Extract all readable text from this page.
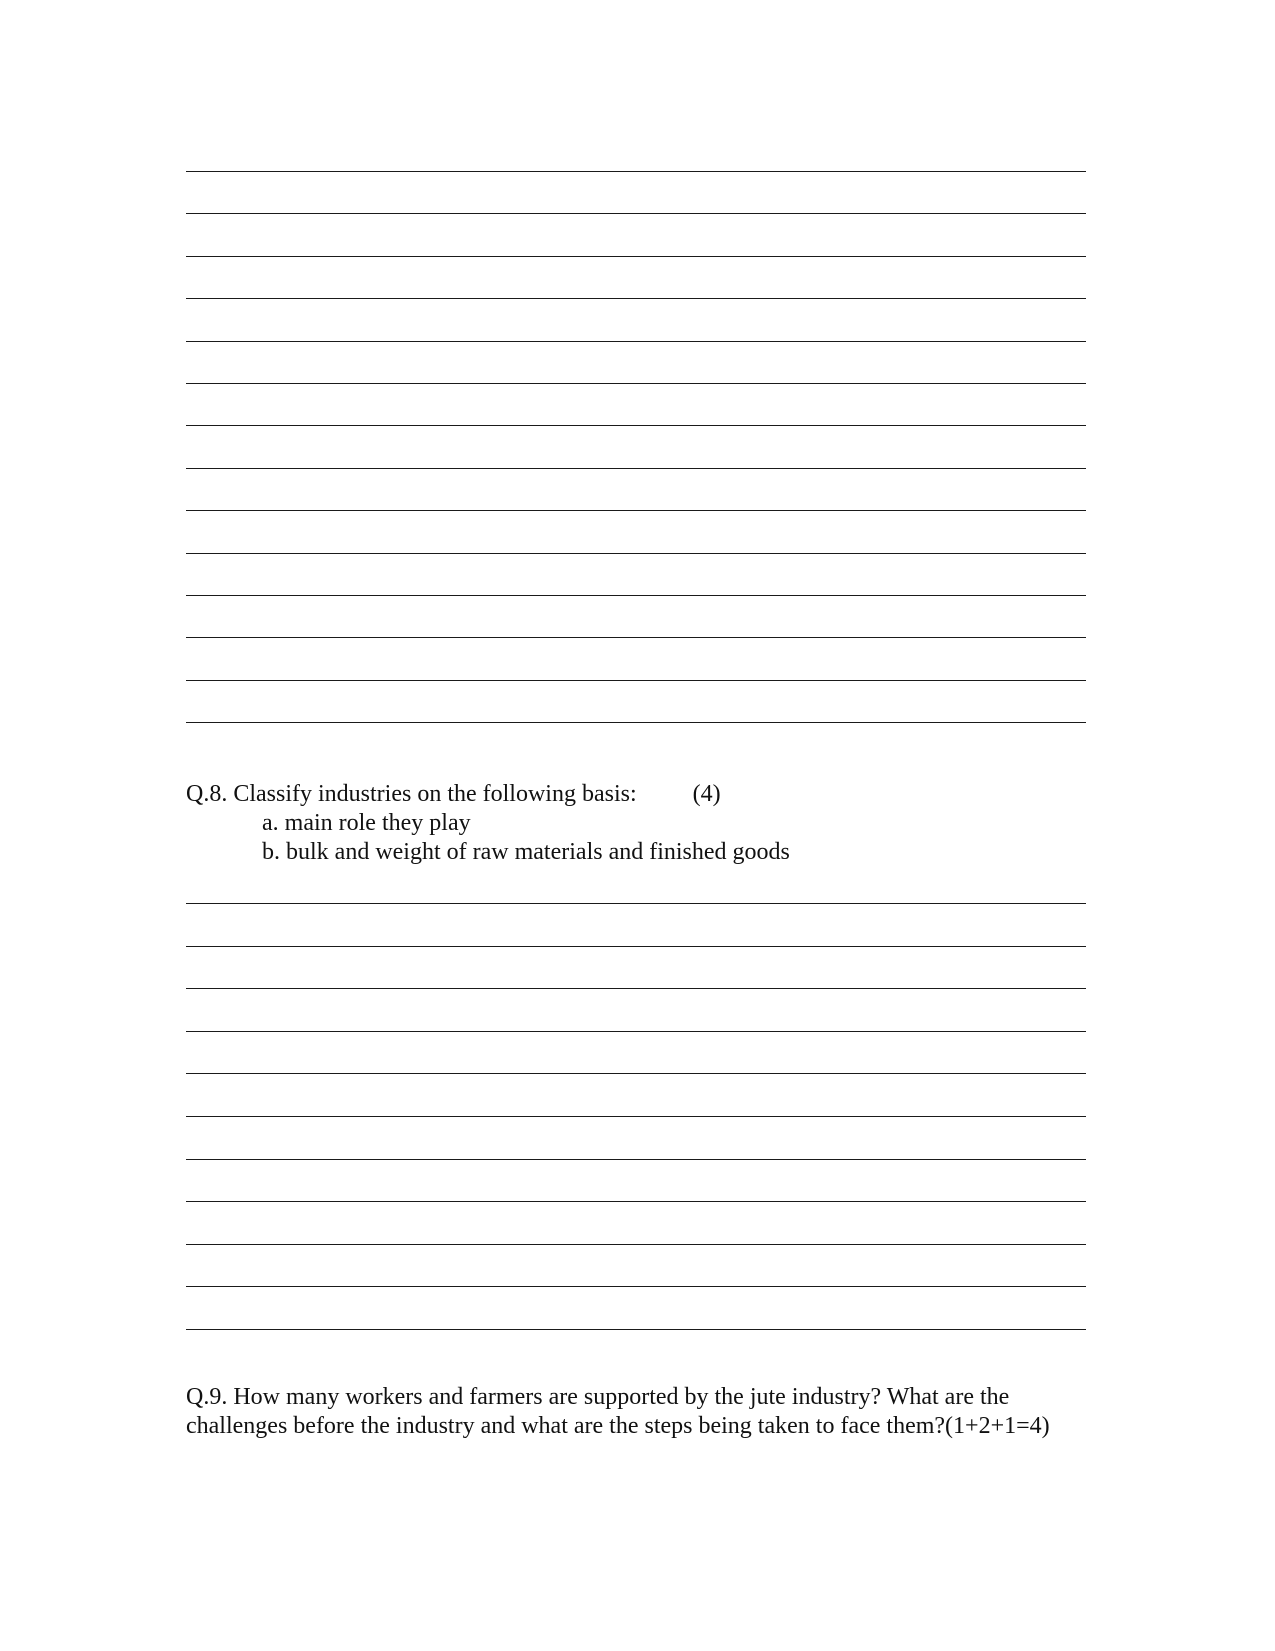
Q.8. Classify industries on the following basis: (4)
a. main role they play
b. bulk and weight of raw materials and finished goods
Q.9. How many workers and farmers are supported by the jute industry? What are the
challenges before the industry and what are the steps being taken to face them?(1+2+1=4)
